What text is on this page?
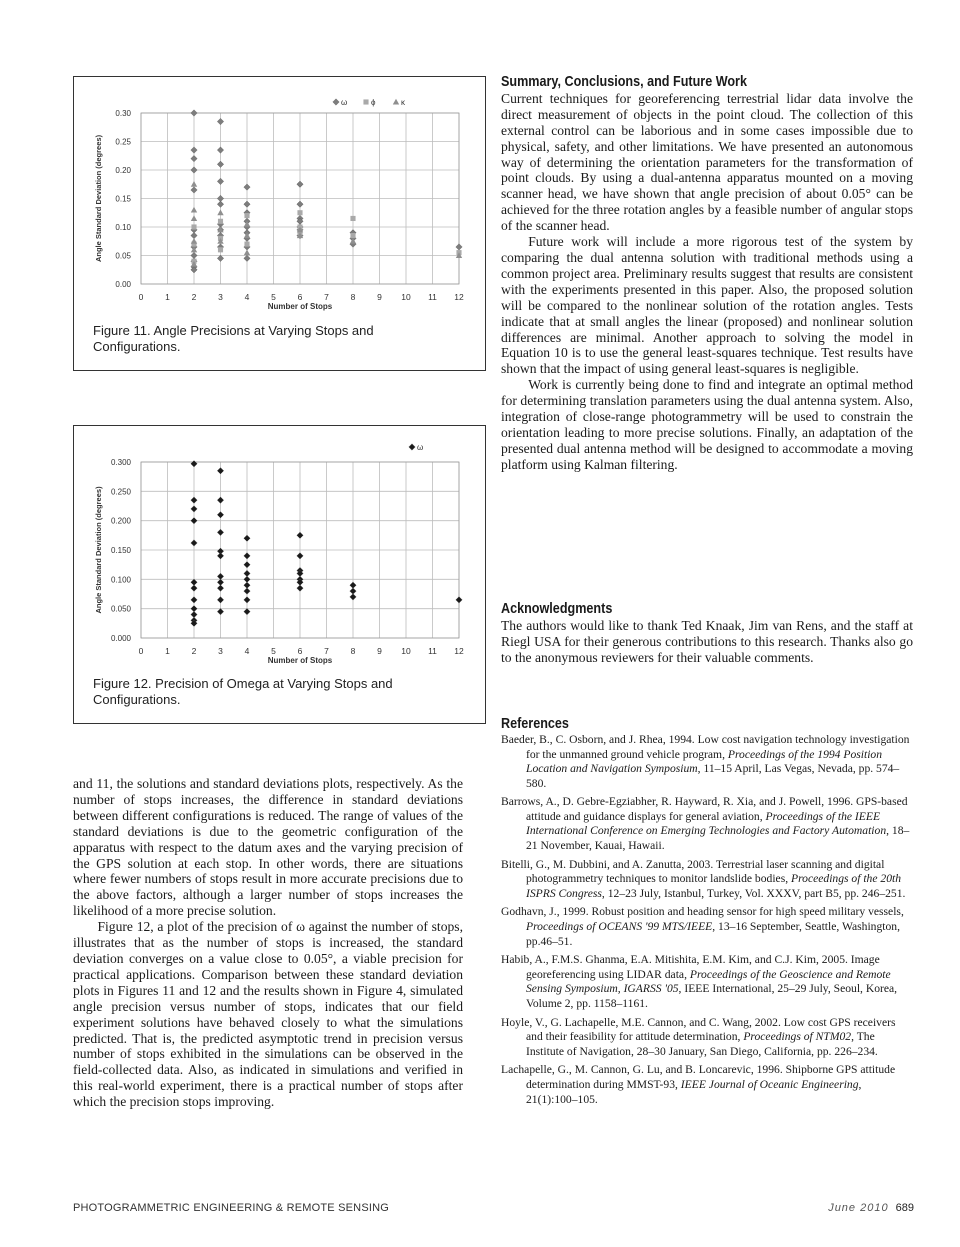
0	1	2	3	4	5	6	7	8	9 10 11 12
0.00
0.05
0.10
0.15
0.20
0.25
0.30
Number of Stops
Angle Standard Deviation (degrees)
ω	ϕ	κ
Figure 11. Angle Precisions at Varying Stops and Configurations.
0	1	2	3	4	5	6	7	8	9 10 11 12
0.000
0.050
0.100
0.150
0.200
0.250
0.300
Number of Stops
Angle Standard Deviation (degrees)
ω
Figure 12. Precision of Omega at Varying Stops and Configurations.

and 11, the solutions and standard deviations plots, respectively. As the number of stops increases, the difference in standard deviations between different configurations is reduced. The range of values of the standard deviations is due to the geometric configuration of the apparatus with respect to the datum axes and the varying precision of the GPS solution at each stop. In other words, there are situations where fewer numbers of stops result in more accurate precisions due to the above factors, although a larger number of stops increases the likelihood of a more precise solution.

Figure 12, a plot of the precision of ω against the number of stops, illustrates that as the number of stops is increased, the standard deviation converges on a value close to 0.05°, a viable precision for practical applications. Comparison between these standard deviation plots in Figures 11 and 12 and the results shown in Figure 4, simulated angle precision versus number of stops, indicates that our field experiment solutions have behaved closely to what the simulations predicted. That is, the predicted asymptotic trend in precision versus number of stops exhibited in the simulations can be observed in the field-collected data. Also, as indicated in simulations and verified in this real-world experiment, there is a practical number of stops after which the precision stops improving.

Summary, Conclusions, and Future Work

Current techniques for georeferencing terrestrial lidar data involve the direct measurement of objects in the point cloud. The collection of this external control can be laborious and in some cases impossible due to physical, safety, and other limitations. We have presented an autonomous way of determining the orientation parameters for the transformation of point clouds. By using a dual-antenna apparatus mounted on a moving scanner head, we have shown that angle precision of about 0.05° can be achieved for the three rotation angles by a feasible number of angular stops of the scanner head.

Future work will include a more rigorous test of the system by comparing the dual antenna solution with traditional methods using a common project area. Preliminary results suggest that results are consistent with the experiments presented in this paper. Also, the proposed solution will be compared to the nonlinear solution of the rotation angles. Tests indicate that at small angles the linear (proposed) and nonlinear solution differences are minimal. Another approach to solving the model in Equation 10 is to use the general least-squares technique. Test results have shown that the impact of using general least-squares is negligible.

Work is currently being done to find and integrate an optimal method for determining translation parameters using the dual antenna system. Also, integration of close-range photogrammetry will be used to constrain the orientation leading to more precise solutions. Finally, an adaptation of the presented dual antenna method will be designed to accommodate a moving platform using Kalman filtering.

Acknowledgments

The authors would like to thank Ted Knaak, Jim van Rens, and the staff at Riegl USA for their generous contributions to this research. Thanks also go to the anonymous reviewers for their valuable comments.

References

Baeder, B., C. Osborn, and J. Rhea, 1994. Low cost navigation technology investigation for the unmanned ground vehicle program, Proceedings of the 1994 Position Location and Navigation Symposium, 11–15 April, Las Vegas, Nevada, pp. 574–580.

Barrows, A., D. Gebre-Egziabher, R. Hayward, R. Xia, and J. Powell, 1996. GPS-based attitude and guidance displays for general aviation, Proceedings of the IEEE International Conference on Emerging Technologies and Factory Automation, 18–21 November, Kauai, Hawaii.

Bitelli, G., M. Dubbini, and A. Zanutta, 2003. Terrestrial laser scanning and digital photogrammetry techniques to monitor landslide bodies, Proceedings of the 20th ISPRS Congress, 12–23 July, Istanbul, Turkey, Vol. XXXV, part B5, pp. 246–251.

Godhavn, J., 1999. Robust position and heading sensor for high speed military vessels, Proceedings of OCEANS '99 MTS/IEEE, 13–16 September, Seattle, Washington, pp.46–51.

Habib, A., F.M.S. Ghanma, E.A. Mitishita, E.M. Kim, and C.J. Kim, 2005. Image georeferencing using LIDAR data, Proceedings of the Geoscience and Remote Sensing Symposium, IGARSS '05, IEEE International, 25–29 July, Seoul, Korea, Volume 2, pp. 1158–1161.

Hoyle, V., G. Lachapelle, M.E. Cannon, and C. Wang, 2002. Low cost GPS receivers and their feasibility for attitude determination, Proceedings of NTM02, The Institute of Navigation, 28–30 January, San Diego, California, pp. 226–234.

Lachapelle, G., M. Cannon, G. Lu, and B. Loncarevic, 1996. Shipborne GPS attitude determination during MMST-93, IEEE Journal of Oceanic Engineering, 21(1):100–105.

PHOTOGRAMMETRIC ENGINEERING & REMOTE SENSING	June 2010 689
